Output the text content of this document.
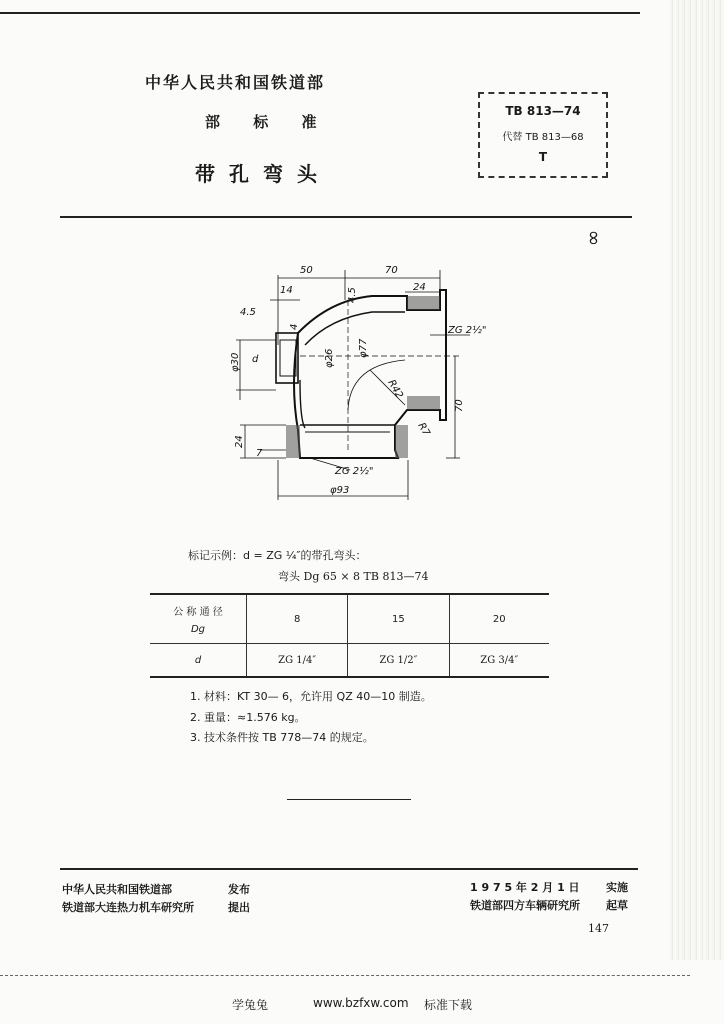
中华人民共和国铁道部
部 标 准
带孔弯头
TB 813—74
代替 TB 813—68
T
∞
50	70
14
4.5
4.5	24
4	ZG 2½"
φ30 d	φ26
φ77
R42
70
R7
24
7
ZG 2½"
φ93
标记示例：d = ZG ¼″的带孔弯头：
弯头 Dg 65 × 8 TB 813—74
公 称 通 径
Dg	8	15	20
d	ZG 1/4″	ZG 1/2″	ZG 3/4″
1. 材料：KT 30— 6，允许用 QZ 40—10 制造。
2. 重量：≈1.576 kg。
3. 技术条件按 TB 778—74 的规定。
中华人民共和国铁道部	发布
铁道部大连热力机车研究所	提出
1 9 7 5 年 2 月 1 日 实施
铁道部四方车辆研究所 起草
147
学兔兔	www.bzfxw.com 标准下载
